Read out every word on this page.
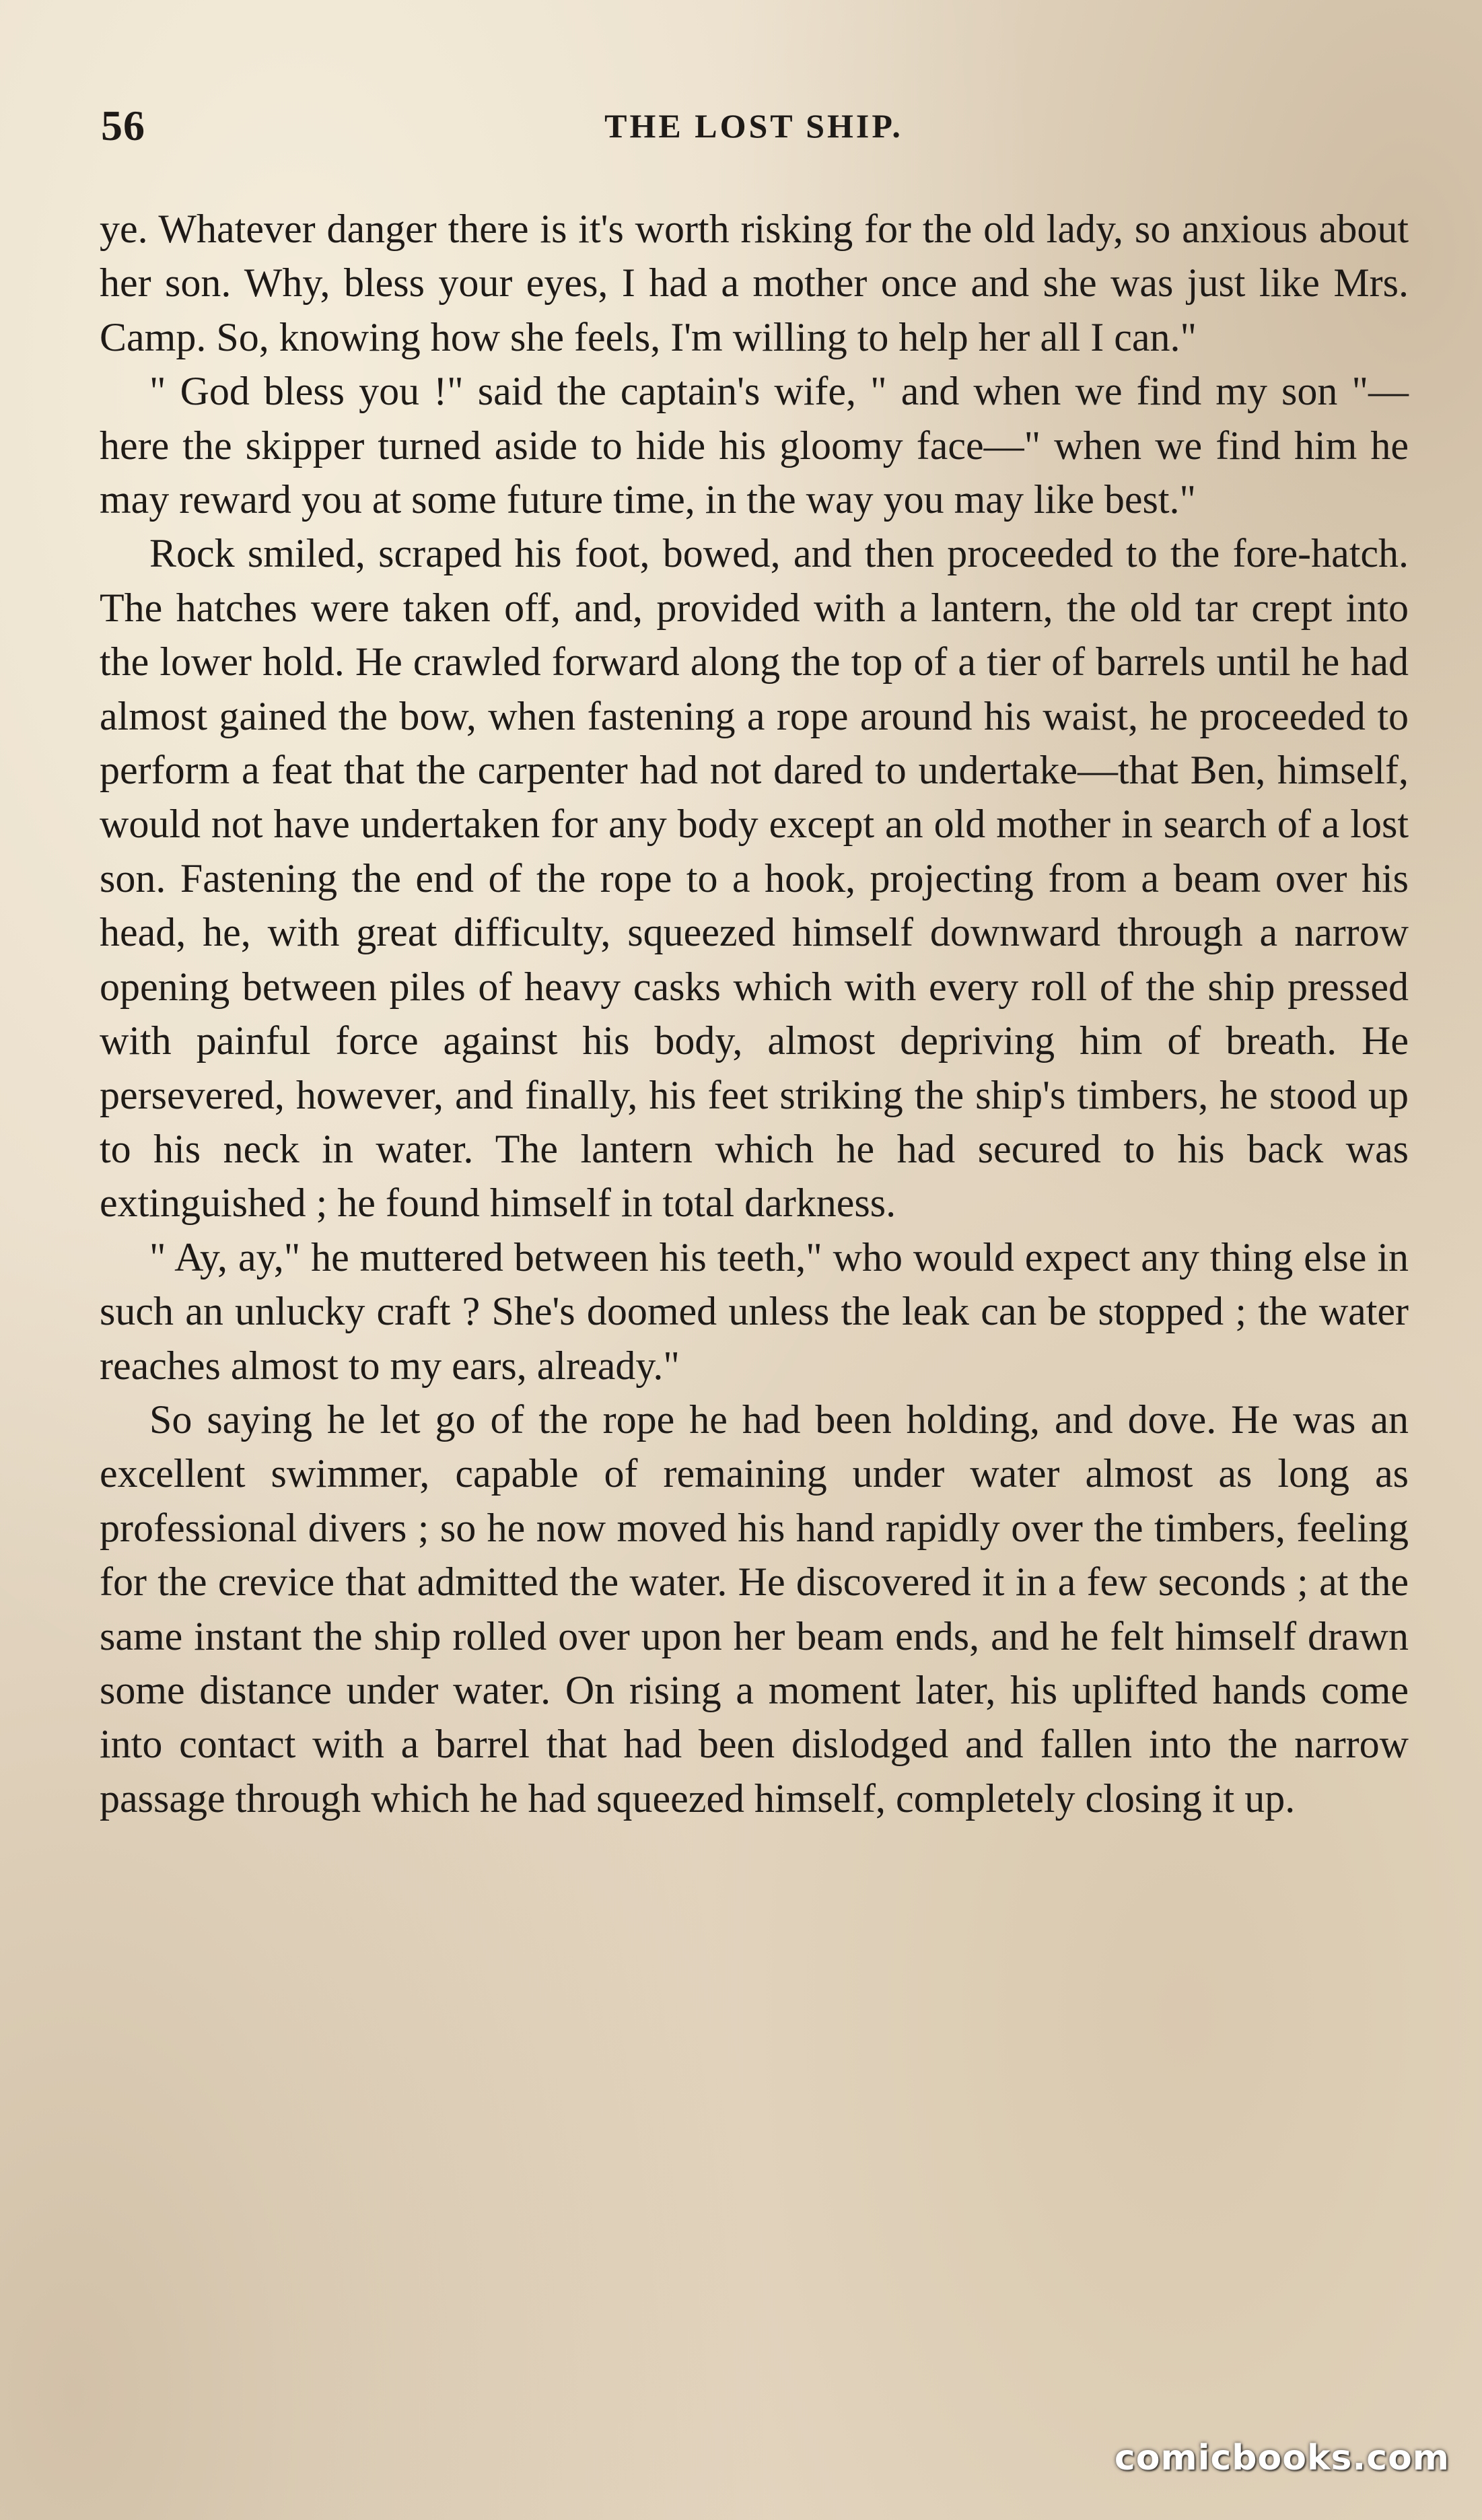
56	THE LOST SHIP.

ye. Whatever danger there is it's worth risking for the old lady, so anxious about her son. Why, bless your eyes, I had a mother once and she was just like Mrs. Camp. So, knowing how she feels, I'm willing to help her all I can."

" God bless you !" said the captain's wife, " and when we find my son "—here the skipper turned aside to hide his gloomy face—" when we find him he may reward you at some future time, in the way you may like best."

Rock smiled, scraped his foot, bowed, and then proceeded to the fore-hatch. The hatches were taken off, and, provided with a lantern, the old tar crept into the lower hold. He crawled forward along the top of a tier of barrels until he had almost gained the bow, when fastening a rope around his waist, he proceeded to perform a feat that the carpenter had not dared to undertake—that Ben, himself, would not have undertaken for any body except an old mother in search of a lost son. Fastening the end of the rope to a hook, projecting from a beam over his head, he, with great difficulty, squeezed himself downward through a narrow opening between piles of heavy casks which with every roll of the ship pressed with painful force against his body, almost depriving him of breath. He persevered, however, and finally, his feet striking the ship's timbers, he stood up to his neck in water. The lantern which he had secured to his back was extinguished ; he found himself in total darkness.

" Ay, ay," he muttered between his teeth," who would expect any thing else in such an unlucky craft ? She's doomed unless the leak can be stopped ; the water reaches almost to my ears, already."

So saying he let go of the rope he had been holding, and dove. He was an excellent swimmer, capable of remaining under water almost as long as professional divers ; so he now moved his hand rapidly over the timbers, feeling for the crevice that admitted the water. He discovered it in a few seconds ; at the same instant the ship rolled over upon her beam ends, and he felt himself drawn some distance under water. On rising a moment later, his uplifted hands come into contact with a barrel that had been dislodged and fallen into the narrow passage through which he had squeezed himself, completely closing it up.

comicbooks.com
